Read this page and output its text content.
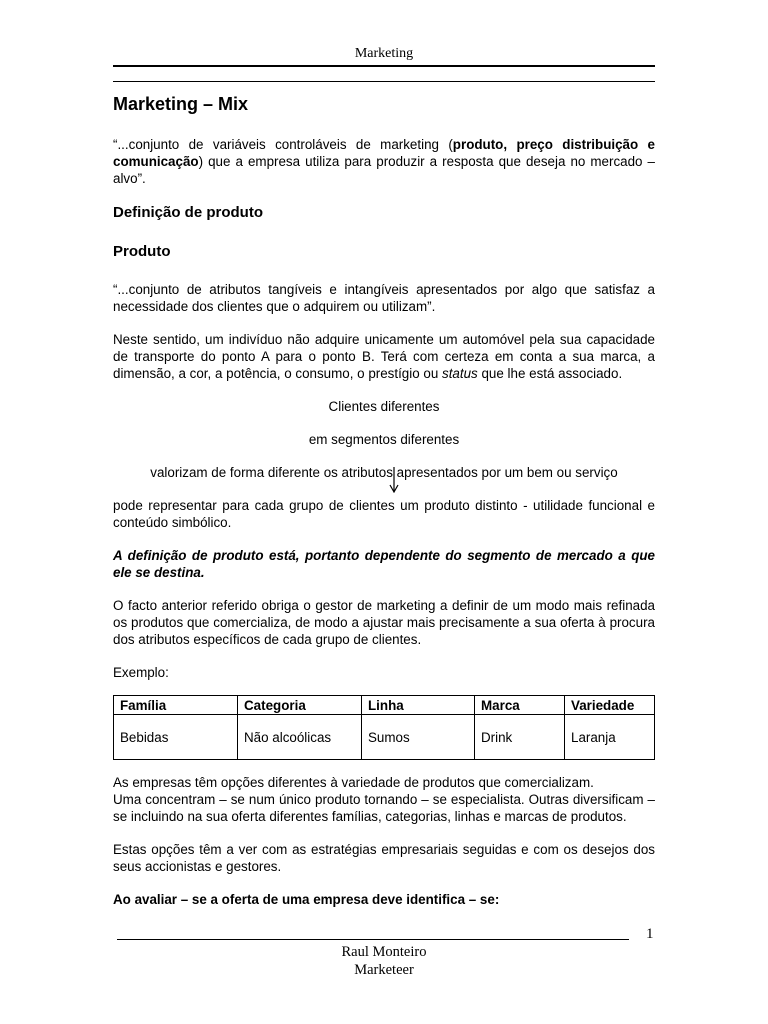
Marketing
Marketing – Mix

“...conjunto de variáveis controláveis de marketing (produto, preço distribuição e comunicação) que a empresa utiliza para produzir a resposta que deseja no mercado – alvo”.

Definição de produto
Produto

“...conjunto de atributos tangíveis e intangíveis apresentados por algo que satisfaz a necessidade dos clientes que o adquirem ou utilizam”.

Neste sentido, um indivíduo não adquire unicamente um automóvel pela sua capacidade de transporte do ponto A para o ponto B. Terá com certeza em conta a sua marca, a dimensão, a cor, a potência, o consumo, o prestígio ou status que lhe está associado.

Clientes diferentes

em segmentos diferentes

valorizam de forma diferente os atributos apresentados por um bem ou serviço

pode representar para cada grupo de clientes um produto distinto - utilidade funcional e conteúdo simbólico.

A definição de produto está, portanto dependente do segmento de mercado a que ele se destina.

O facto anterior referido obriga o gestor de marketing a definir de um modo mais refinada os produtos que comercializa, de modo a ajustar mais precisamente a sua oferta à procura dos atributos específicos de cada grupo de clientes.

Exemplo:

Família	Categoria	Linha	Marca	Variedade
Bebidas	Não alcoólicas	Sumos	Drink	Laranja

As empresas têm opções diferentes à variedade de produtos que comercializam.
Uma concentram – se num único produto tornando – se especialista. Outras diversificam – se incluindo na sua oferta diferentes famílias, categorias, linhas e marcas de produtos.

Estas opções têm a ver com as estratégias empresariais seguidas e com os desejos dos seus accionistas e gestores.

Ao avaliar – se a oferta de uma empresa deve identifica – se:

1
Raul Monteiro
Marketeer
